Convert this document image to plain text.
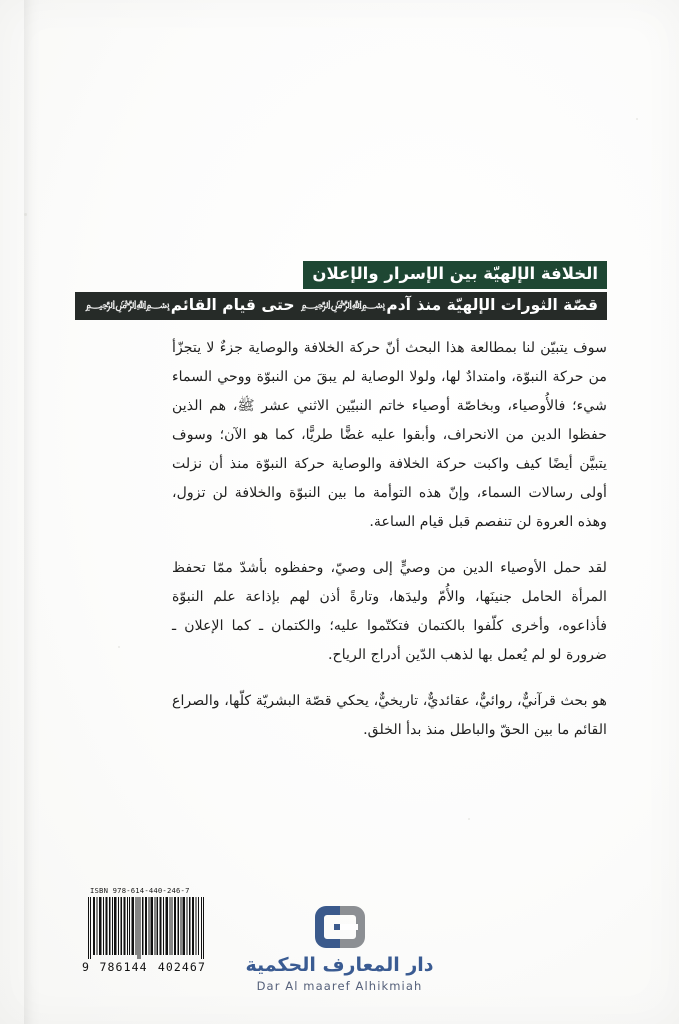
الخلافة الإلهيّة بين الإسرار والإعلان
قصّة الثورات الإلهيّة منذ آدم﷽ حتى قيام القائم﷽

سوف يتبيّن لنا بمطالعة هذا البحث أنّ حركة الخلافة والوصاية جزءٌ لا يتجزّأ من حركة النبوّة، وامتدادٌ لها، ولولا الوصاية لم يبقَ من النبوّة ووحي السماء شيء؛ فالأُوصياء، وبخاصّة أوصياء خاتم النبيّين الاثني عشر ﷺ، هم الذين حفظوا الدين من الانحراف، وأبقوا عليه غضًّا طريًّا، كما هو الآن؛ وسوف يتبيَّن أيضًا كيف واكبت حركة الخلافة والوصاية حركة النبوّة منذ أن نزلت أولى رسالات السماء، وإنّ هذه التوأمة ما بين النبوّة والخلافة لن تزول، وهذه العروة لن تنفصم قبل قيام الساعة.

لقد حمل الأوصياء الدين من وصيٍّ إلى وصيّ، وحفظوه بأشدّ ممّا تحفظ المرأة الحامل جنينَها، والأُمّ وليدَها، وتارةً أذن لهم بإذاعة علم النبوّة فأذاعوه، وأخرى كلّفوا بالكتمان فتكتّموا عليه؛ والكتمان ـ كما الإعلان ـ ضرورة لو لم يُعمل بها لذهب الدّين أدراج الرياح.

هو بحث قرآنيٌّ، روائيٌّ، عقائديٌّ، تاريخيٌّ، يحكي قصّة البشريّة كلّها، والصراع القائم ما بين الحقّ والباطل منذ بدأ الخلق.

ISBN 978-614-440-246-7
9 786144 402467 دار المعارف الحكمية
Dar Al maaref Alhikmiah
